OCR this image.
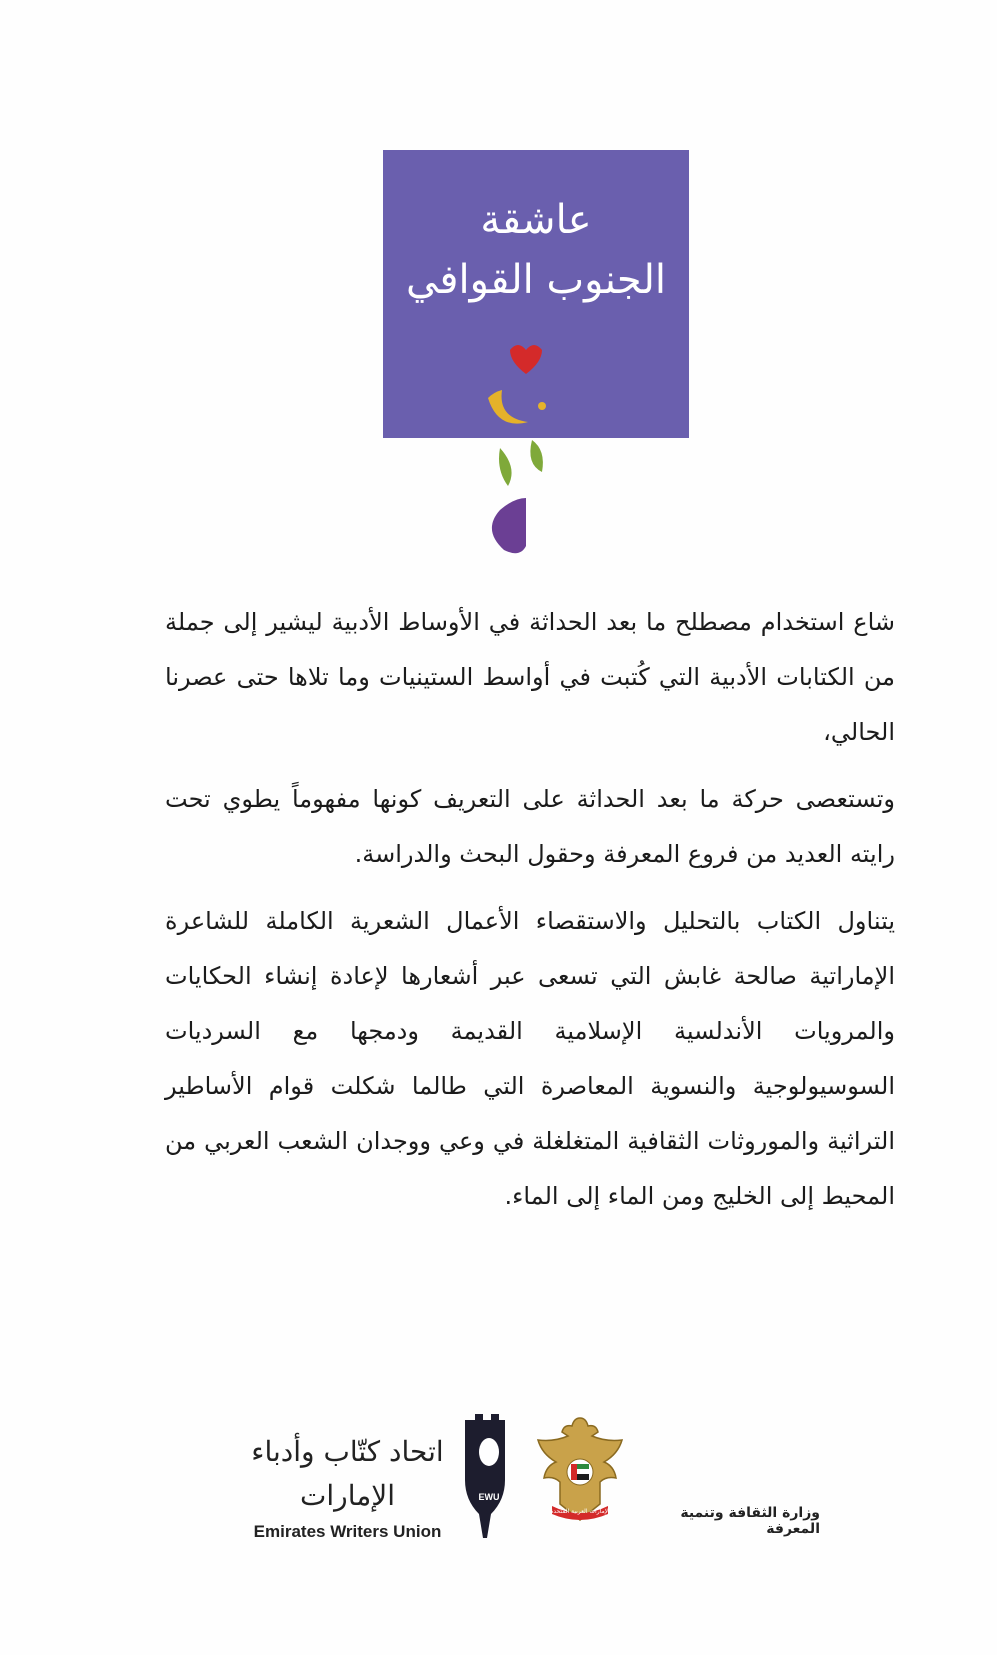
عاشقة
الجنوب القوافي

شاع استخدام مصطلح ما بعد الحداثة في الأوساط الأدبية ليشير إلى جملة من الكتابات الأدبية التي كُتبت في أواسط الستينيات وما تلاها حتى عصرنا الحالي،

وتستعصى حركة ما بعد الحداثة على التعريف كونها مفهوماً يطوي تحت رايته العديد من فروع المعرفة وحقول البحث والدراسة.

يتناول الكتاب بالتحليل والاستقصاء الأعمال الشعرية الكاملة للشاعرة الإماراتية صالحة غابش التي تسعى عبر أشعارها لإعادة إنشاء الحكايات والمرويات الأندلسية الإسلامية القديمة ودمجها مع السرديات السوسيولوجية والنسوية المعاصرة التي طالما شكلت قوام الأساطير التراثية والموروثات الثقافية المتغلغلة في وعي ووجدان الشعب العربي من المحيط إلى الخليج ومن الماء إلى الماء.

اتحاد كتّاب وأدباء الإمارات
Emirates Writers Union
EWU
الإمارات العربية المتحدة	وزارة الثقافة وتنمية المعرفة
